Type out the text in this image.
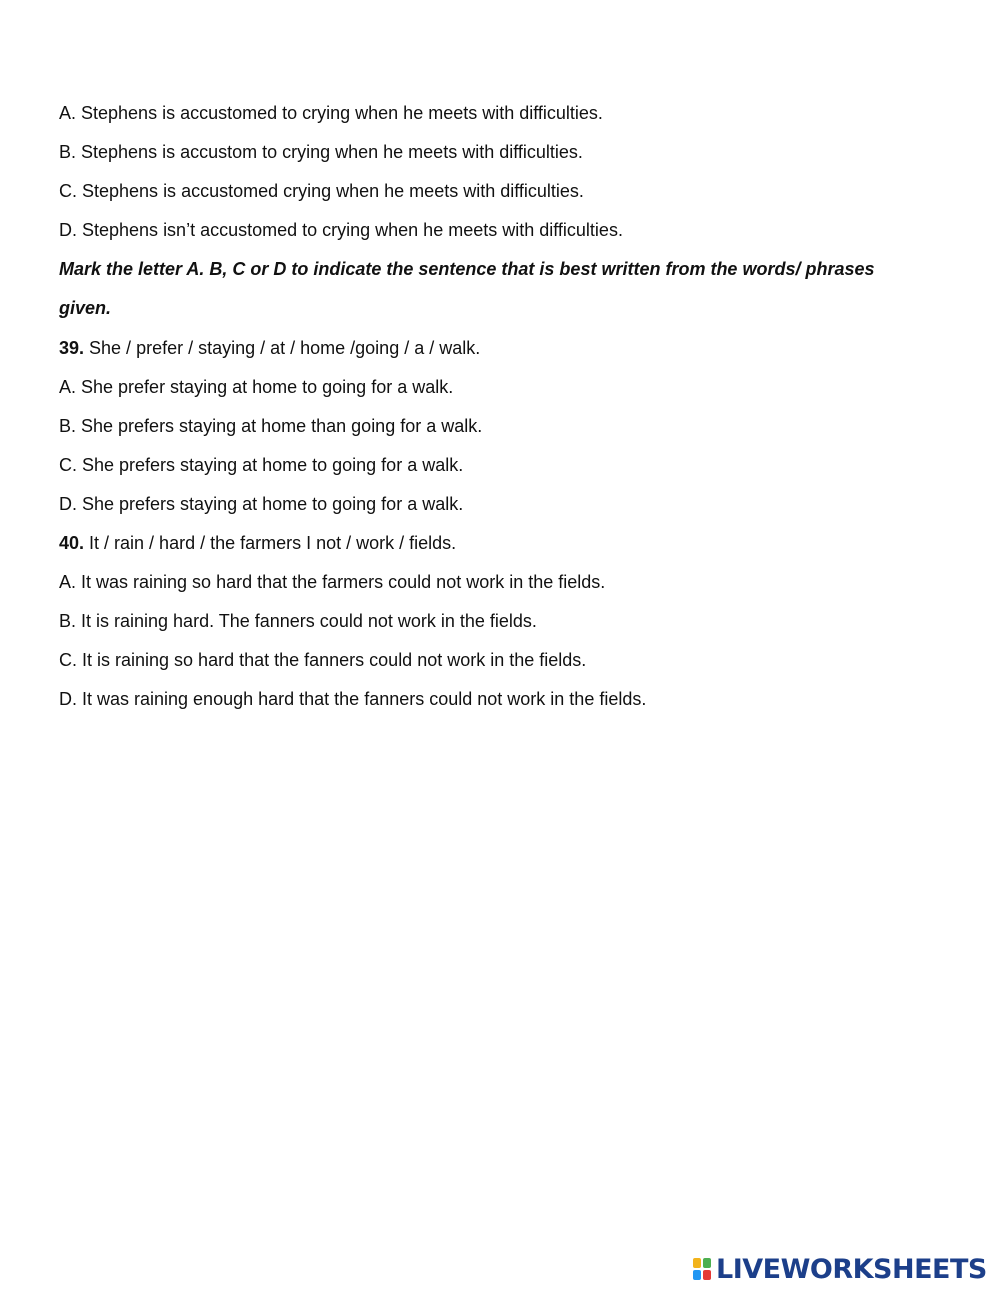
A. Stephens is accustomed to crying when he meets with difficulties.
B. Stephens is accustom to crying when he meets with difficulties.
C. Stephens is accustomed crying when he meets with difficulties.
D. Stephens isn’t accustomed to crying when he meets with difficulties.
Mark the letter A. B, C or D to indicate the sentence that is best written from the words/ phrases given.
39. She / prefer / staying / at / home /going / a / walk.
A. She prefer staying at home to going for a walk.
B. She prefers staying at home than going for a walk.
C. She prefers staying at home to going for a walk.
D. She prefers staying at home to going for a walk.
40. It / rain / hard / the farmers I not / work / fields.
A. It was raining so hard that the farmers could not work in the fields.
B. It is raining hard. The fanners could not work in the fields.
C. It is raining so hard that the fanners could not work in the fields.
D. It was raining enough hard that the fanners could not work in the fields.
LIVEWORKSHEETS
